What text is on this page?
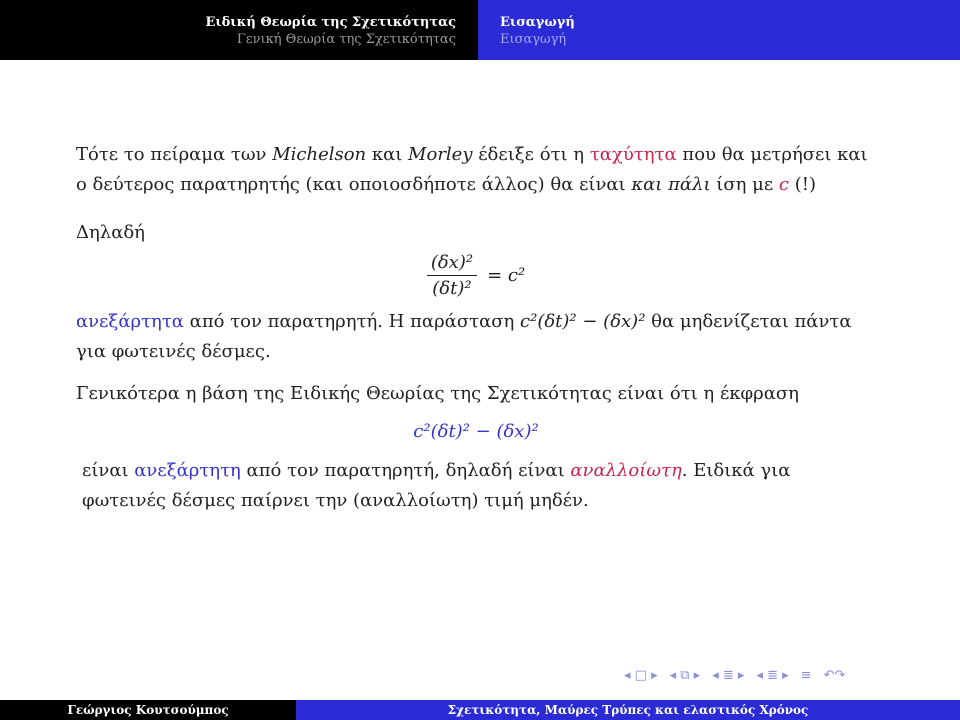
Ειδική Θεωρία της Σχετικότητας
Γενική Θεωρία της Σχετικότητας
Εισαγωγή
Εισαγωγή

Τότε το πείραμα των Michelson και Morley έδειξε ότι η ταχύτητα που θα μετρήσει και ο δεύτερος παρατηρητής (και οποιοσδήποτε άλλος) θα είναι και πάλι ίση με c (!)

Δηλαδή

$\frac{\text{(δx)²}}{\text{(δt)²}} = c^2$

ανεξάρτητα από τον παρατηρητή. Η παράσταση c²(δt)² − (δx)² θα μηδενίζεται πάντα για φωτεινές δέσμες.

Γενικότερα η βάση της Ειδικής Θεωρίας της Σχετικότητας είναι ότι η έκφραση

c²(δt)² − (δx)²

είναι ανεξάρτητη από τον παρατηρητή, δηλαδή είναι αναλλοίωτη. Ειδικά για φωτεινές δέσμες παίρνει την (αναλλοίωτη) τιμή μηδέν.

◂ □ ▸ ◂ ⧉ ▸ ◂ ≣ ▸ ◂ ≣ ▸ ≡ ↶↷
Γεώργιος Κουτσούμπος	Σχετικότητα, Μαύρες Τρύπες και ελαστικός Χρόνος
